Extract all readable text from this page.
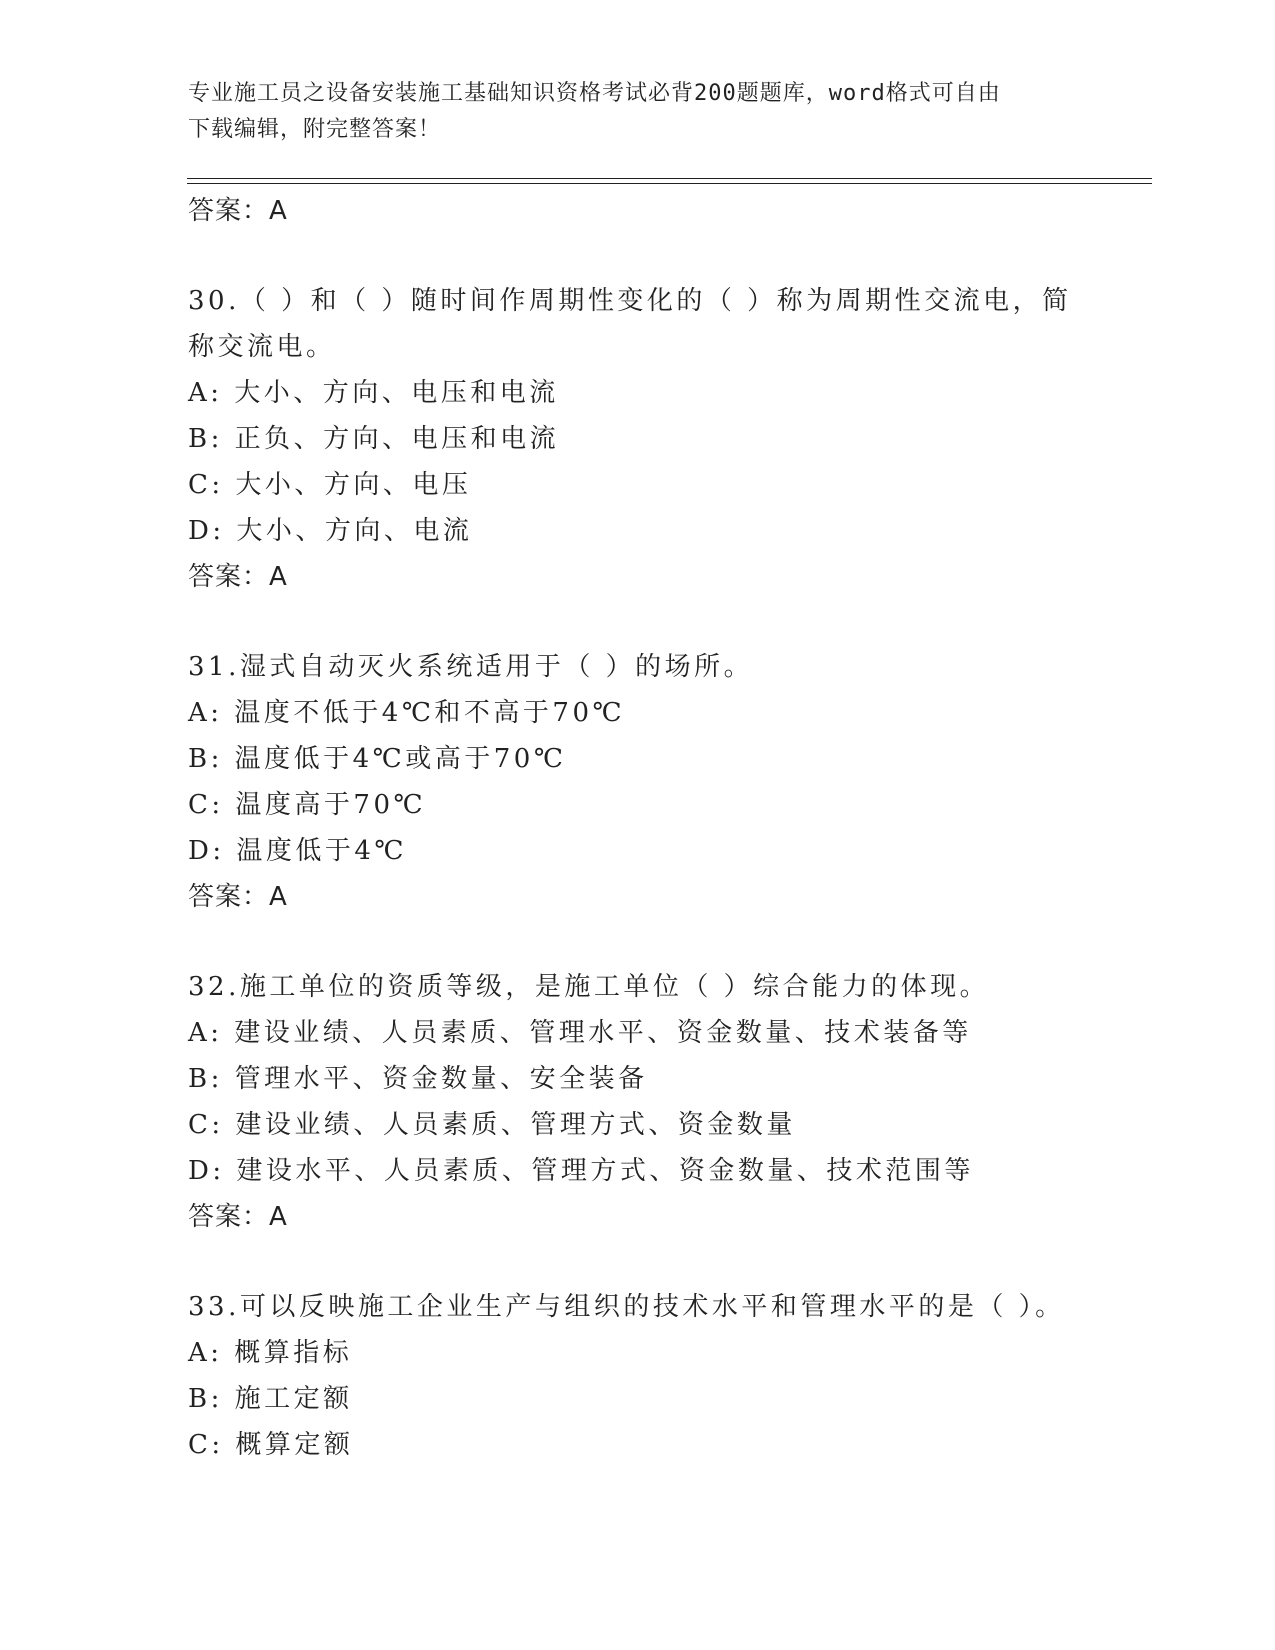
专业施工员之设备安装施工基础知识资格考试必背200题题库，word格式可自由
下载编辑，附完整答案！
答案：A
30.（ ）和（ ）随时间作周期性变化的（ ）称为周期性交流电，简
称交流电。
A: 大小、方向、电压和电流
B: 正负、方向、电压和电流
C: 大小、方向、电压
D: 大小、方向、电流
答案：A
31.湿式自动灭火系统适用于（ ）的场所。
A: 温度不低于4℃和不高于70℃
B: 温度低于4℃或高于70℃
C: 温度高于70℃
D: 温度低于4℃
答案：A
32.施工单位的资质等级，是施工单位（ ）综合能力的体现。
A: 建设业绩、人员素质、管理水平、资金数量、技术装备等
B: 管理水平、资金数量、安全装备
C: 建设业绩、人员素质、管理方式、资金数量
D: 建设水平、人员素质、管理方式、资金数量、技术范围等
答案：A
33.可以反映施工企业生产与组织的技术水平和管理水平的是（ ）。
A: 概算指标
B: 施工定额
C: 概算定额
